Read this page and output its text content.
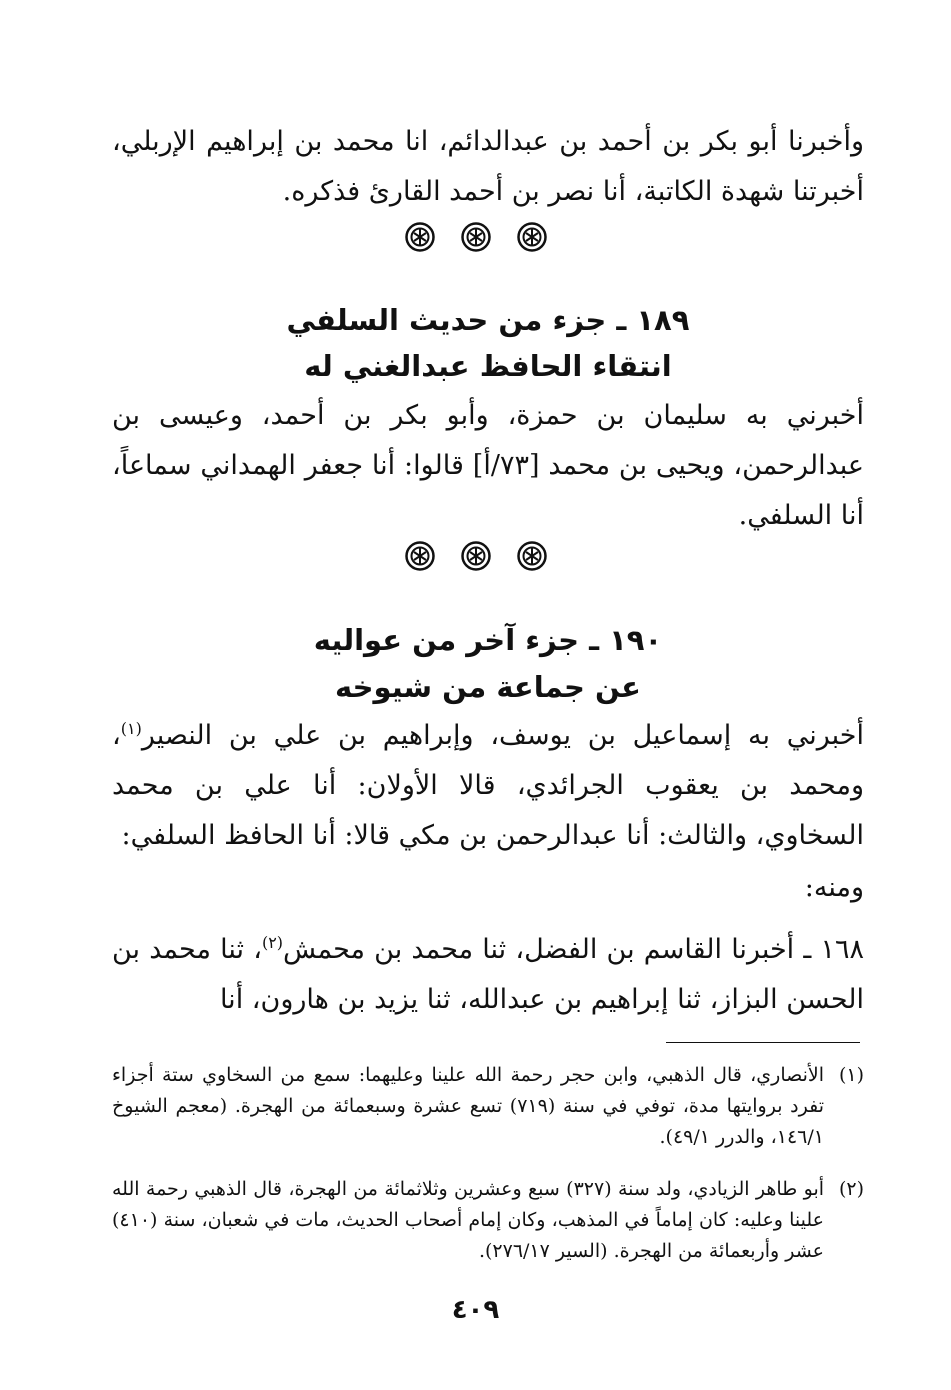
وأخبرنا أبو بكر بن أحمد بن عبدالدائم، انا محمد بن إبراهيم الإربلي، أخبرتنا شهدة الكاتبة، أنا نصر بن أحمد القارئ فذكره.

١٨٩ ـ جزء من حديث السلفي
انتقاء الحافظ عبدالغني له

أخبرني به سليمان بن حمزة، وأبو بكر بن أحمد، وعيسى بن عبدالرحمن، ويحيى بن محمد [٧٣/أ] قالوا: أنا جعفر الهمداني سماعاً، أنا السلفي.

١٩٠ ـ جزء آخر من عواليه
عن جماعة من شيوخه

أخبرني به إسماعيل بن يوسف، وإبراهيم بن علي بن النصير$^{(١)}$، ومحمد بن يعقوب الجرائدي، قالا الأولان: أنا علي بن محمد السخاوي، والثالث: أنا عبدالرحمن بن مكي قالا: أنا الحافظ السلفي:

ومنه:

١٦٨ ـ أخبرنا القاسم بن الفضل، ثنا محمد بن محمش$^{(٢)}$، ثنا محمد بن الحسن البزاز، ثنا إبراهيم بن عبدالله، ثنا يزيد بن هارون، أنا

(١)
الأنصاري، قال الذهبي، وابن حجر رحمة الله علينا وعليهما: سمع من السخاوي ستة أجزاء تفرد بروايتها مدة، توفي في سنة (٧١٩) تسع عشرة وسبعمائة من الهجرة. (معجم الشيوخ ١٤٦/١، والدرر ٤٩/١).
(٢)
أبو طاهر الزيادي، ولد سنة (٣٢٧) سبع وعشرين وثلاثمائة من الهجرة، قال الذهبي رحمة الله علينا وعليه: كان إماماً في المذهب، وكان إمام أصحاب الحديث، مات في شعبان، سنة (٤١٠) عشر وأربعمائة من الهجرة. (السير ٢٧٦/١٧).
٤٠٩
